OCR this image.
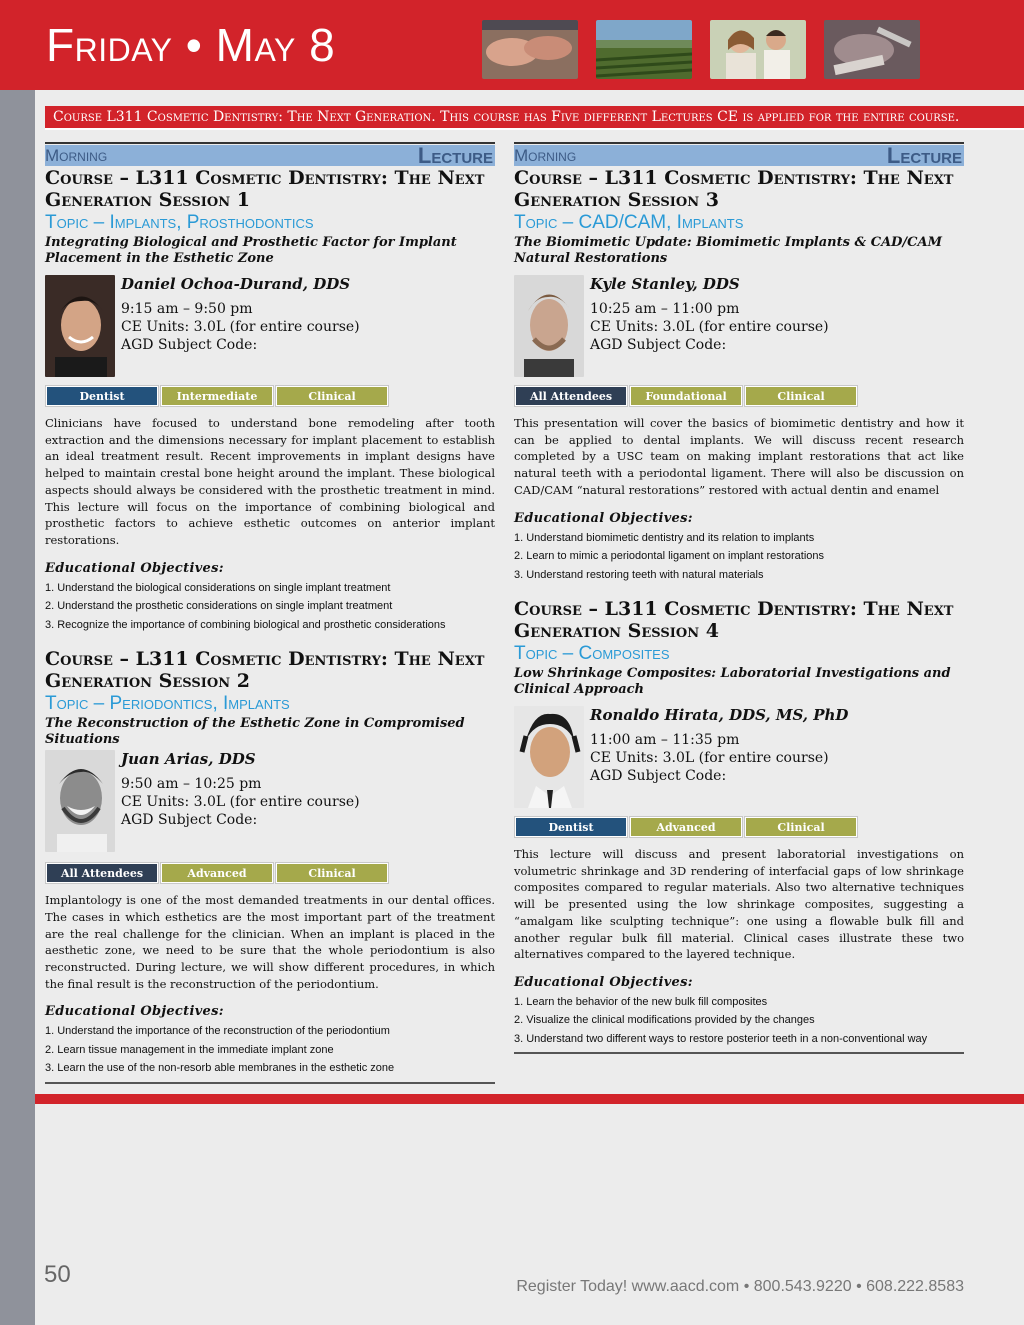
Friday • May 8
Course L311 Cosmetic Dentistry: The Next Generation. This course has Five different Lectures CE is applied for the entire course.
Morning	Lecture
Course – L311 Cosmetic Dentistry: The Next
Generation Session 1
Topic – Implants, Prosthodontics
Integrating Biological and Prosthetic Factor for Implant Placement in the Esthetic Zone
Daniel Ochoa-Durand, DDS
9:15 am – 9:50 pm
CE Units: 3.0L (for entire course)
AGD Subject Code:
Dentist	Intermediate	Clinical
Clinicians have focused to understand bone remodeling after tooth extraction and the dimensions necessary for implant placement to establish an ideal treatment result. Recent improvements in implant designs have helped to maintain crestal bone height around the implant. These biological aspects should always be considered with the prosthetic treatment in mind. This lecture will focus on the importance of combining biological and prosthetic factors to achieve esthetic outcomes on anterior implant restorations.
Educational Objectives:
1. Understand the biological considerations on single implant treatment
2. Understand the prosthetic considerations on single implant treatment
3. Recognize the importance of combining biological and prosthetic considerations
Course – L311 Cosmetic Dentistry: The Next
Generation Session 2
Topic – Periodontics, Implants
The Reconstruction of the Esthetic Zone in Compromised Situations
Juan Arias, DDS
9:50 am – 10:25 pm
CE Units: 3.0L (for entire course)
AGD Subject Code:
All Attendees	Advanced	Clinical
Implantology is one of the most demanded treatments in our dental offices. The cases in which esthetics are the most important part of the treatment are the real challenge for the clinician. When an implant is placed in the aesthetic zone, we need to be sure that the whole periodontium is also reconstructed. During lecture, we will show different procedures, in which the final result is the reconstruction of the periodontium.
Educational Objectives:
1. Understand the importance of the reconstruction of the periodontium
2. Learn tissue management in the immediate implant zone
3. Learn the use of the non-resorb able membranes in the esthetic zone
Morning	Lecture
Course – L311 Cosmetic Dentistry: The Next
Generation Session 3
Topic – CAD/CAM, Implants
The Biomimetic Update: Biomimetic Implants & CAD/CAM Natural Restorations
Kyle Stanley, DDS
10:25 am – 11:00 pm
CE Units: 3.0L (for entire course)
AGD Subject Code:
All Attendees	Foundational	Clinical
This presentation will cover the basics of biomimetic dentistry and how it can be applied to dental implants. We will discuss recent research completed by a USC team on making implant restorations that act like natural teeth with a periodontal ligament. There will also be discussion on CAD/CAM “natural restorations” restored with actual dentin and enamel
Educational Objectives:
1. Understand biomimetic dentistry and its relation to implants
2. Learn to mimic a periodontal ligament on implant restorations
3. Understand restoring teeth with natural materials
Course – L311 Cosmetic Dentistry: The Next
Generation Session 4
Topic – Composites
Low Shrinkage Composites: Laboratorial Investigations and Clinical Approach
Ronaldo Hirata, DDS, MS, PhD
11:00 am – 11:35 pm
CE Units: 3.0L (for entire course)
AGD Subject Code:
Dentist	Advanced	Clinical
This lecture will discuss and present laboratorial investigations on volumetric shrinkage and 3D rendering of interfacial gaps of low shrinkage composites compared to regular materials. Also two alternative techniques will be presented using the low shrinkage composites, suggesting a “amalgam like sculpting technique”: one using a flowable bulk fill and another regular bulk fill material. Clinical cases illustrate these two alternatives compared to the layered technique.
Educational Objectives:
1. Learn the behavior of the new bulk fill composites
2. Visualize the clinical modifications provided by the changes
3. Understand two different ways to restore posterior teeth in a non-conventional way
50	Register Today! www.aacd.com • 800.543.9220 • 608.222.8583
